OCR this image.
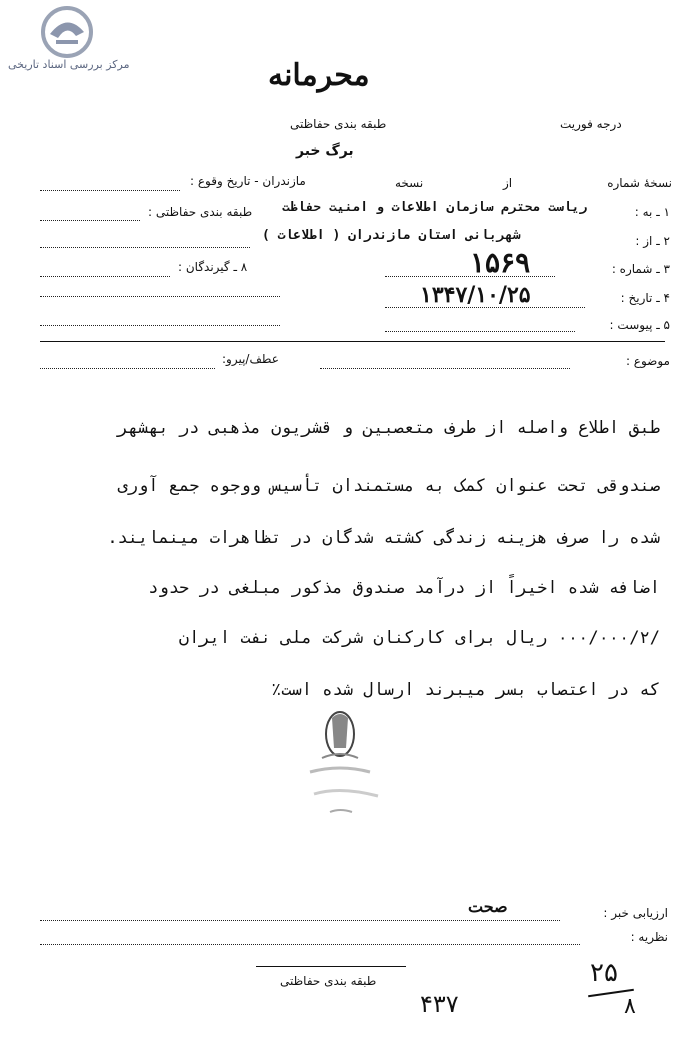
مرکز بررسی اسناد تاریخی	محرمانه
طبقه بندی حفاظتی	درجه فوریت
برگ خبر
نسخهٔ شماره
از
نسخه
مازندران - تاریخ وقوع :
۱ ـ به :
ریاست محترم سازمان اطلاعات و امنیت حفاظت
طبقه بندی حفاظتی :
۲ ـ از :
شهربانی استان مازندران ( اطلاعات )
۳ ـ شماره :
۱۵۶۹
۸ ـ گیرندگان :
۴ ـ تاریخ :
۱۳۴۷/۱۰/۲۵
۵ ـ پیوست :
موضوع :
عطف/پیرو:
طبق اطلاع واصله از طرف متعصبین و قشریون مذهبی در بهشهر
صندوقی تحت عنوان کمک به مستمندان تأسیس ووجوه جمع آوری
شده را صرف هزینه زندگی کشته شدگان در تظاهرات مینمایند.
اضافه شده اخیراً از درآمد صندوق مذکور مبلغی در حدود
/۰۰۰/۰۰۰/۲ ریال برای کارکنان شرکت ملی نفت ایران
که در اعتصاب بسر میبرند ارسال شده است٪
ارزیابی خبر :
صحت
نظریه :
طبقه بندی حفاظتی
۴۳۷
۲۵
۸
